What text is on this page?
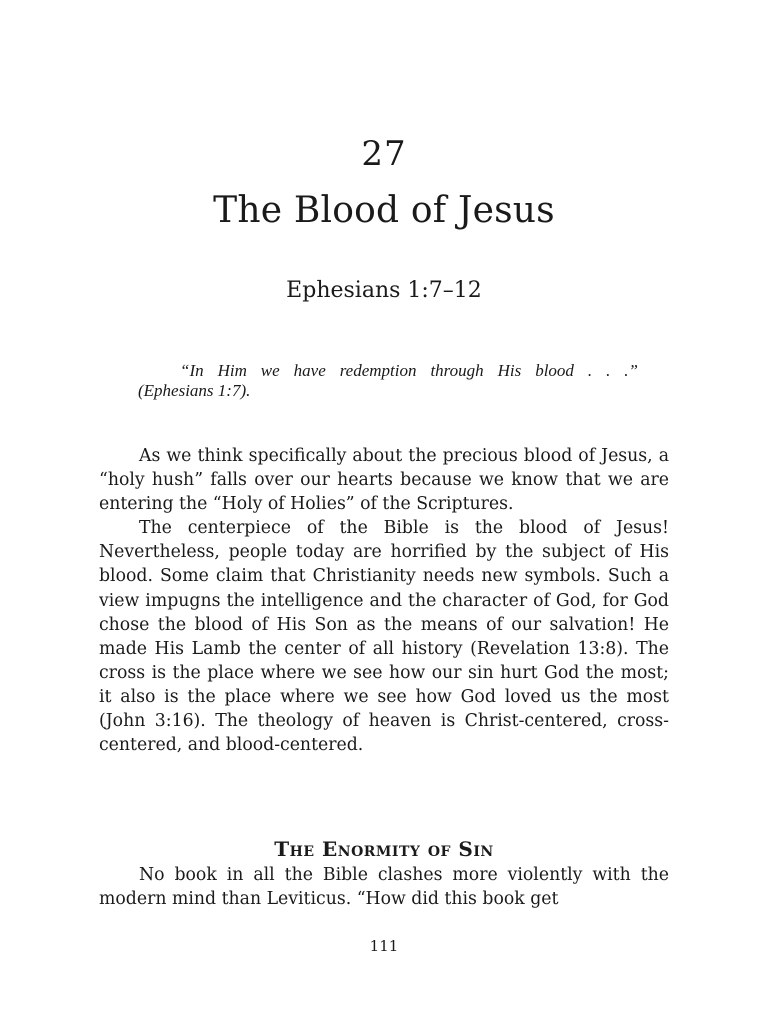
27
The Blood of Jesus
Ephesians 1:7–12
“In Him we have redemption through His blood . . .”
(Ephesians 1:7).

As we think specifically about the precious blood of Jesus, a “holy hush” falls over our hearts because we know that we are entering the “Holy of Holies” of the Scriptures.

The centerpiece of the Bible is the blood of Jesus! Nevertheless, people today are horrified by the subject of His blood. Some claim that Christianity needs new symbols. Such a view impugns the intelligence and the character of God, for God chose the blood of His Son as the means of our salvation! He made His Lamb the center of all history (Revelation 13:8). The cross is the place where we see how our sin hurt God the most; it also is the place where we see how God loved us the most (John 3:16). The theology of heaven is Christ-centered, cross-centered, and blood-centered.

The Enormity of Sin

No book in all the Bible clashes more violently with the modern mind than Leviticus. “How did this book get

111
